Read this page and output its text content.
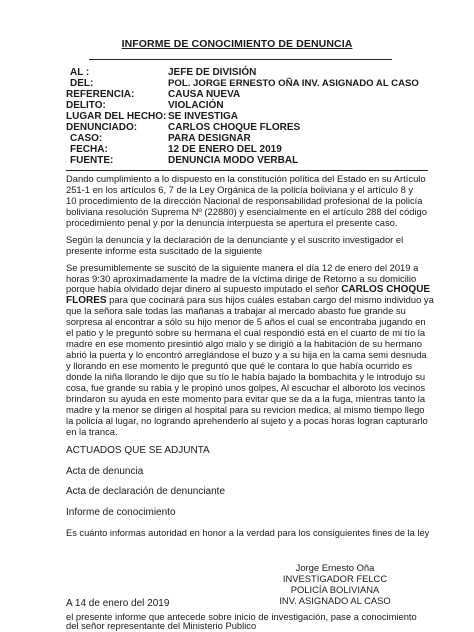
INFORME DE CONOCIMIENTO DE DENUNCIA
AL :	JEFE DE DIVISIÓN
DEL:	POL. JORGE ERNESTO OÑA INV. ASIGNADO AL CASO
REFERENCIA:	CAUSA NUEVA
DELITO:	VIOLACIÓN
LUGAR DEL HECHO: SE INVESTIGA
DENUNCIADO:	CARLOS CHOQUE FLORES
CASO:	PARA DESIGNAR
FECHA:	12 DE ENERO DEL 2019
FUENTE:	DENUNCIA MODO VERBAL
Dando cumplimiento a lo dispuesto en la constitución política del Estado en su Artículo
251-1 en los artículos 6, 7 de la Ley Orgánica de la policía boliviana y el artículo 8 y
10 procedimiento de la dirección Nacional de responsabilidad profesional de la policía
boliviana resolución Suprema Nº (22880) y esencialmente en el artículo 288 del código
procedimiento penal y por la denuncia interpuesta se apertura el presente caso.
Según la denuncia y la declaración de la denunciante y el suscrito investigador el
presente informe esta suscitado de la siguiente
Se presumiblemente se suscitó de la siguiente manera el día 12 de enero del 2019 a
horas 9:30 aproximadamente la madre de la víctima dirige de Retorno a su domicilio
porque había olvidado dejar dinero al supuesto imputado el señor CARLOS CHOQUE
FLORES para que cocinará para sus hijos cuáles estaban cargo del mismo individuo ya
que la señora sale todas las mañanas a trabajar al mercado abasto fue grande su
sorpresa al encontrar a sólo su hijo menor de 5 años el cual se encontraba jugando en
el patio y le preguntó sobre su hermana el cual respondió está en el cuarto de mi tío la
madre en ese momento presintió algo malo y se dirigió a la habitación de su hermano
abrió la puerta y lo encontró arreglándose el buzo y a su hija en la cama semi desnuda
y llorando en ese momento le preguntó que qué le contara lo que había ocurrido es
donde la niña llorando le dijo que su tío le había bajado la bombachita y le introdujo su
cosa, fue grande su rabia y le propinó unos golpes, Al escuchar el alboroto los vecinos
brindaron su ayuda en este momento para evitar que se da a la fuga, mientras tanto la
madre y la menor se dirigen al hospital para su revicion medica, al mismo tiempo llego
la policía al lugar, no logrando aprehenderlo al sujeto y a pocas horas logran capturarlo
en la tranca.
ACTUADOS QUE SE ADJUNTA
Acta de denuncia
Acta de declaración de denunciante
Informe de conocimiento
Es cuánto informas autoridad en honor a la verdad para los consiguientes fines de la ley
Jorge Ernesto Oña
INVESTIGADOR FELCC
POLICÍA BOLIVIANA
INV. ASIGNADO AL CASO
A 14 de enero del 2019
el presente informe que antecede sobre inicio de investigación, pase a conocimiento
del señor representante del Ministerio Publico
